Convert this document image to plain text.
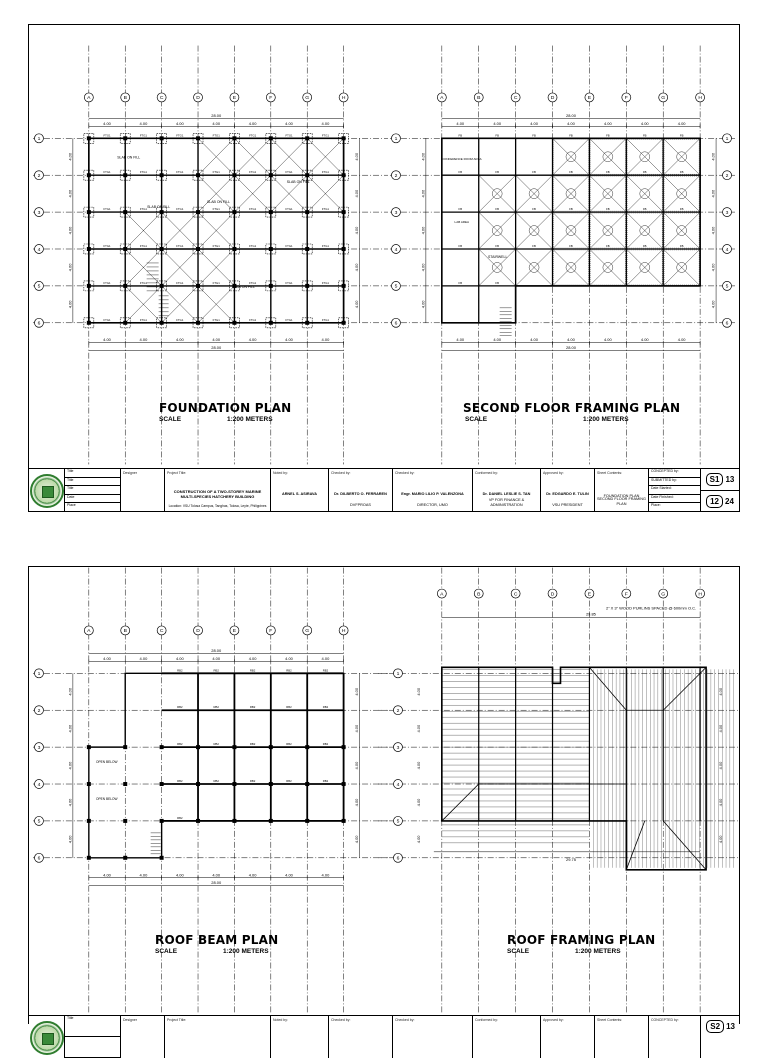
A	B	C	D	E	F	G	H
1
2
3
4
5
6
4.00	4.00	4.00	4.00	4.00	4.00	4.00
28.00
4.00	4.00	4.00	4.00	4.00	4.00	4.00
28.00
4.00
4.00
4.00
4.00
4.00
4.00
4.00
4.00
4.00
4.00
SLAB ON FILL
SLAB ON FILL
SLAB ON FILL
SLAB ON FILL
SLAB ON FILL
FTG1
FTG1
FTG1
FTG1
FTG1
FTG1
FTG1
FTG1
FTG1
FTG1
FTG1
FTG1
FTG1
FTG1
FTG1
FTG1
FTG1
FTG1
FTG1
FTG1
FTG1
FTG1
FTG1
FTG1
FTG1
FTG1
FTG1
FTG1
FTG1
FTG1
FTG1
FTG1
FTG1
FTG1
FTG1
FTG1
FTG1
FTG1
FTG1
FTG1
FTG1
FTG1
A	B	C	D	E	F	G	H
1	1
2	2
3	3
4	4
5	5
6	6
4.00	4.00	4.00	4.00	4.00	4.00	4.00
28.00
4.00	4.00	4.00	4.00	4.00	4.00	4.00
28.00
4.00
4.00
4.00
4.00
4.00
4.00
4.00
4.00
4.00
4.00
FB
FB
FB
FB
FB
FB
FB
FB
FB
FB
FB
FB
FB
FB
FB
FB
FB
FB
FB
FB
FB
FB
FB
FB
FB
FB
FB
FB
FB
FB
CONFERENCE ROOM AREA
STAIRWELL
LAB AREA
FOUNDATION PLAN
SCALE	1:200 METERS
SECOND FLOOR FRAMING PLAN
SCALE	1:200 METERS
Title
Title
Title
Date
Place
Designer	Project Title:
CONSTRUCTION OF A TWO-STOREY MARINE MULTI-SPECIES HATCHERY BUILDING
Location: VSU Tolosa Campus, Tanghas, Tolosa, Leyte, Philippines
Noted by:
ARNEL S. ASIRAVA
Checked by:
Dr. DILBERTO O. FERRAREN
DVFPROAS
Checked by:
Engr. MARIO LILIO P. VALENZONA
DIRECTOR, UMO
Conformed by:
Dr. DANIEL LESLIE S. TAN
VP FOR FINANCE & ADMINISTRATION
Approved by:
Dr. EDGARDO E. TULIN
VSU PRESIDENT
Sheet Contents:
FOUNDATION PLAN
SECOND FLOOR FRAMING PLAN
CONCEPTED by:
SUBMITTED by:
Date Started:
Date Finished:
Place:
S1 13
12 24
A	B	C	D	E	F	G	H
1
2
3
4
5
6
4.00	4.00	4.00	4.00	4.00	4.00	4.00
28.00
4.00	4.00	4.00	4.00	4.00	4.00	4.00
28.00
4.00
4.00
4.00
4.00
4.00
4.00
4.00
4.00
4.00
4.00
RB2
RB2
RB2
RB2
RB2
RB2
RB2
RB2
RB2
RB2
RB2
RB2
RB2
RB2
RB2
RB2
RB2
RB2
RB2
RB2
RB2
OPEN BELOW
OPEN BELOW
A	B	C	D	E	F	G	H
2" X 3" WOOD PURLINS SPACED @ 600mm O.C.
29.85
29.75
1
2
3
4
5
6
4.00	4.00
4.00	4.00
4.00	4.00
4.00	4.00
4.00	4.00
ROOF BEAM PLAN
SCALE	1:200 METERS
ROOF FRAMING PLAN
SCALE	1:200 METERS
Title	Designer	Project Title:	Noted by:	Checked by:	Checked by:	Conformed by:	Approved by:	Sheet Contents:	CONCEPTED by:
S2 13
